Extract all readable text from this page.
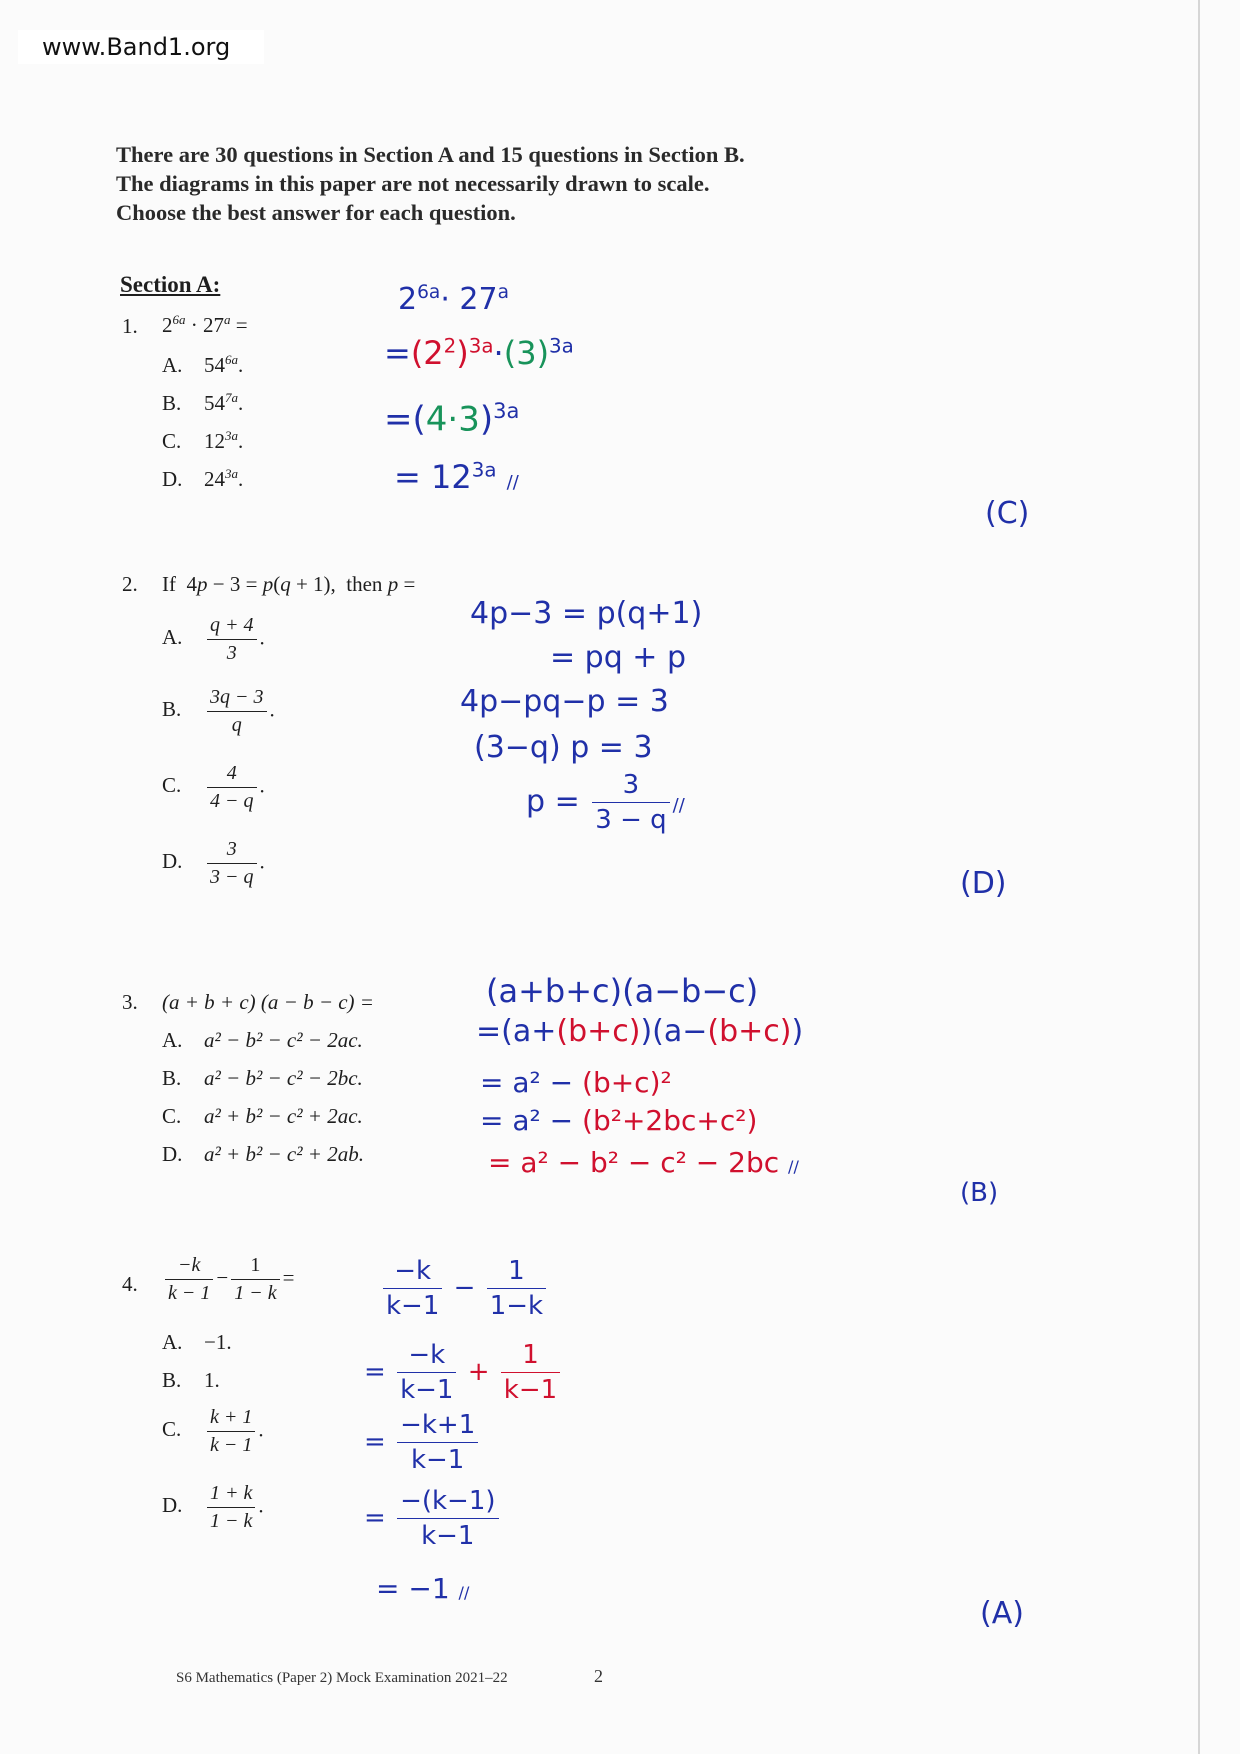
www.Band1.org
There are 30 questions in Section A and 15 questions in Section B.
The diagrams in this paper are not necessarily drawn to scale.
Choose the best answer for each question.
Section A:
1. $2^{6a} \cdot 27^a$ =
A. $54^{6a}$.
B. $54^{7a}$.
C. $12^{3a}$.
D. $24^{3a}$.
$2^{6a}\cdot 27^a$
$=(2^2)^{3a}\cdot(3)^{3a}$
$=(4\cdot 3)^{3a}$
= $12^{3a}$ //
(C)
2. If  4p − 3 = p(q + 1),  then p =
A. $\frac{q + 4}{3}$ .
B. $\frac{3q - 3}{q}$ .
C. $\frac{4}{4 - q}$ .
D. $\frac{3}{3 - q}$ .
4p−3 = p(q+1)
= pq + p
4p−pq−p = 3
(3−q) p = 3
$p = \frac{3}{3 - q}$ //
(D)
3. (a + b + c) (a − b − c) =
A. a² − b² − c² − 2ac.
B. a² − b² − c² − 2bc.
C. a² + b² − c² + 2ac.
D. a² + b² − c² + 2ab.
(a+b+c)(a−b−c)
=(a+(b+c))(a−(b+c))
= a² − (b+c)²
= a² − (b²+2bc+c²)
= a² − b² − c² − 2bc //
(B)
4. $\frac{-k}{k - 1} - \frac{1}{1 - k}$ =
A. −1.
B. 1.
C. $\frac{k + 1}{k - 1}$ .
D. $\frac{1 + k}{1 - k}$ .
$\frac{-k}{k-1} - \frac{1}{1-k}$
= $\frac{-k}{k-1} + \frac{1}{k-1}$
= $\frac{-k+1}{k-1}$
= $\frac{-(k-1)}{k-1}$
= −1 //
(A)
S6 Mathematics (Paper 2) Mock Examination 2021–22	2
